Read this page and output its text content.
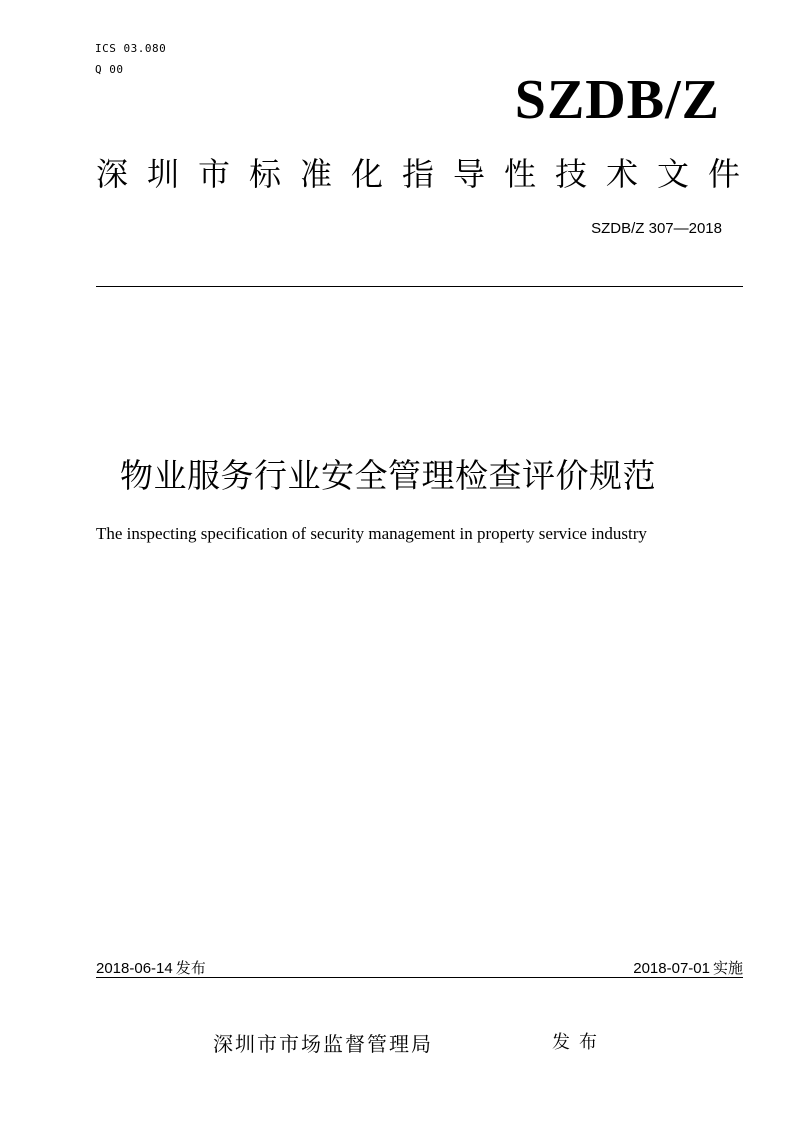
ICS 03.080
Q 00	SZDB/Z
深圳市标准化指导性技术文件
SZDB/Z 307—2018
物业服务行业安全管理检查评价规范
The inspecting specification of security management in property service industry
2018-06-14 发布	2018-07-01 实施
深圳市市场监督管理局	发布
